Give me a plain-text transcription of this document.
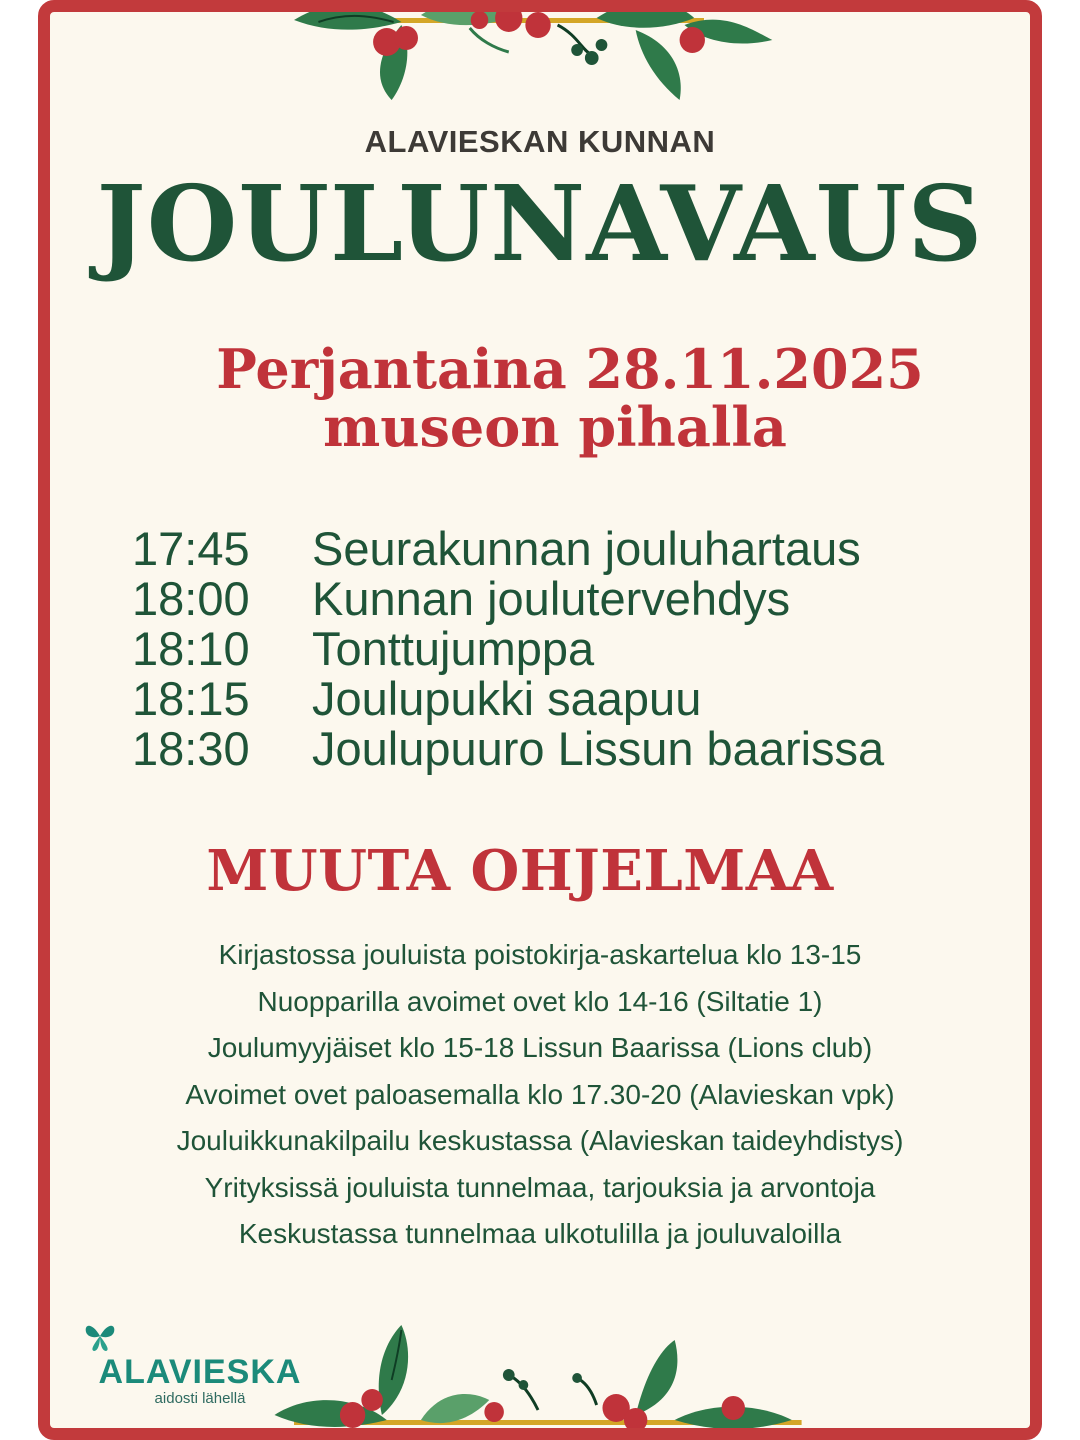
ALAVIESKAN KUNNAN
JOULUNAVAUS
Perjantaina 28.11.2025
museon pihalla
17:45	Seurakunnan jouluhartaus
18:00	Kunnan joulutervehdys
18:10	Tonttujumppa
18:15	Joulupukki saapuu
18:30	Joulupuuro Lissun baarissa
MUUTA OHJELMAA
Kirjastossa jouluista poistokirja-askartelua klo 13-15
Nuopparilla avoimet ovet klo 14-16 (Siltatie 1)
Joulumyyjäiset klo 15-18 Lissun Baarissa (Lions club)
Avoimet ovet paloasemalla klo 17.30-20 (Alavieskan vpk)
Jouluikkunakilpailu keskustassa (Alavieskan taideyhdistys)
Yrityksissä jouluista tunnelmaa, tarjouksia ja arvontoja
Keskustassa tunnelmaa ulkotulilla ja jouluvaloilla
ALAVIESKA
aidosti lähellä
